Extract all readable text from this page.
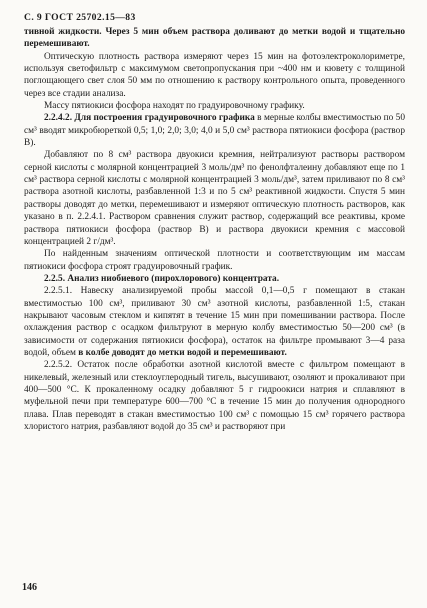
С. 9 ГОСТ 25702.15—83

тивной жидкости. Через 5 мин объем раствора доливают до метки водой и тщательно перемешивают.

Оптическую плотность раствора измеряют через 15 мин на фотоэлектроколориметре, используя светофильтр с максимумом светопропускания при ~400 нм и кювету с толщиной поглощающего свет слоя 50 мм по отношению к раствору контрольного опыта, проведенного через все стадии анализа.

Массу пятиокиси фосфора находят по градуировочному графику.

2.2.4.2. Для построения градуировочного графика в мерные колбы вместимостью по 50 см³ вводят микробюреткой 0,5; 1,0; 2,0; 3,0; 4,0 и 5,0 см³ раствора пятиокиси фосфора (раствор В).

Добавляют по 8 см³ раствора двуокиси кремния, нейтрализуют растворы раствором серной кислоты с молярной концентрацией 3 моль/дм³ по фенолфталеину добавляют еще по 1 см³ раствора серной кислоты с молярной концентрацией 3 моль/дм³, затем приливают по 8 см³ раствора азотной кислоты, разбавленной 1:3 и по 5 см³ реактивной жидкости. Спустя 5 мин растворы доводят до метки, перемешивают и измеряют оптическую плотность растворов, как указано в п. 2.2.4.1. Раствором сравнения служит раствор, содержащий все реактивы, кроме раствора пятиокиси фосфора (раствор В) и раствора двуокиси кремния с массовой концентрацией 2 г/дм³.

По найденным значениям оптической плотности и соответствующим им массам пятиокиси фосфора строят градуировочный график.

2.2.5. Анализ ниобиевого (пирохлорового) концентрата.

2.2.5.1. Навеску анализируемой пробы массой 0,1—0,5 г помещают в стакан вместимостью 100 см³, приливают 30 см³ азотной кислоты, разбавленной 1:5, стакан накрывают часовым стеклом и кипятят в течение 15 мин при помешивании раствора. После охлаждения раствор с осадком фильтруют в мерную колбу вместимостью 50—200 см³ (в зависимости от содержания пятиокиси фосфора), остаток на фильтре промывают 3—4 раза водой, объем в колбе доводят до метки водой и перемешивают.

2.2.5.2. Остаток после обработки азотной кислотой вместе с фильтром помещают в никелевый, железный или стеклоуглеродный тигель, высушивают, озоляют и прокаливают при 400—500 °С. К прокаленному осадку добавляют 5 г гидроокиси натрия и сплавляют в муфельной печи при температуре 600—700 °С в течение 15 мин до получения однородного плава. Плав переводят в стакан вместимостью 100 см³ с помощью 15 см³ горячего раствора хлористого натрия, разбавляют водой до 35 см³ и растворяют при

146
